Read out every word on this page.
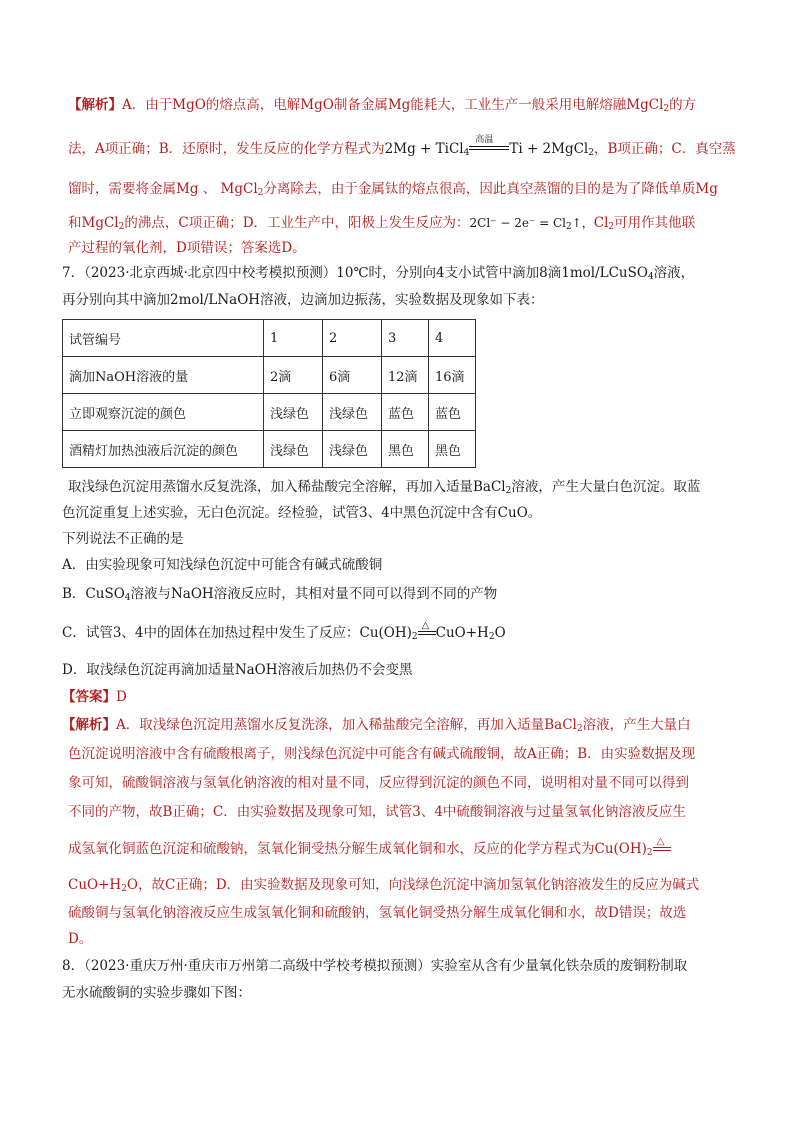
【解析】A．由于MgO的熔点高，电解MgO制备金属Mg能耗大，工业生产一般采用电解熔融MgCl$_2$的方
法，A项正确；B．还原时，发生反应的化学方程式为2Mg + TiCl$_4$
高温
Ti + 2MgCl$_2$，B项正确；C．真空蒸
馏时，需要将金属Mg 、 MgCl$_2$分离除去，由于金属钛的熔点很高，因此真空蒸馏的目的是为了降低单质Mg
和MgCl$_2$的沸点，C项正确；D．工业生产中，阳极上发生反应为：$2Cl^- - 2e^- = Cl_2↑$，$Cl_2$可用作其他联
产过程的氧化剂，D项错误；答案选D。
7．（2023·北京西城·北京四中校考模拟预测）10℃时，分别向4支小试管中滴加8滴1mol/LCuSO$_4$溶液，
再分别向其中滴加2mol/LNaOH溶液，边滴加边振荡，实验数据及现象如下表：
试管编号	1	2	3	4
滴加NaOH溶液的量	2滴	6滴	12滴	16滴
立即观察沉淀的颜色	浅绿色	浅绿色	蓝色	蓝色
酒精灯加热浊液后沉淀的颜色	浅绿色	浅绿色	黑色	黑色
取浅绿色沉淀用蒸馏水反复洗涤，加入稀盐酸完全溶解，再加入适量BaCl$_2$溶液，产生大量白色沉淀。取蓝
色沉淀重复上述实验，无白色沉淀。经检验，试管3、4中黑色沉淀中含有CuO。
下列说法不正确的是
A．由实验现象可知浅绿色沉淀中可能含有碱式硫酸铜
B．CuSO$_4$溶液与NaOH溶液反应时，其相对量不同可以得到不同的产物
C．试管3、4中的固体在加热过程中发生了反应：$Cu(OH)_2$
△ $CuO+H_2O$
D．取浅绿色沉淀再滴加适量NaOH溶液后加热仍不会变黑
【答案】D
【解析】A．取浅绿色沉淀用蒸馏水反复洗涤，加入稀盐酸完全溶解，再加入适量BaCl$_2$溶液，产生大量白
色沉淀说明溶液中含有硫酸根离子，则浅绿色沉淀中可能含有碱式硫酸铜，故A正确；B．由实验数据及现
象可知，硫酸铜溶液与氢氧化钠溶液的相对量不同，反应得到沉淀的颜色不同，说明相对量不同可以得到
不同的产物，故B正确；C．由实验数据及现象可知，试管3、4中硫酸铜溶液与过量氢氧化钠溶液反应生
成氢氧化铜蓝色沉淀和硫酸钠，氢氧化铜受热分解生成氧化铜和水，反应的化学方程式为$Cu(OH)_2$
△
$CuO+H_2O$，故C正确；D．由实验数据及现象可知，向浅绿色沉淀中滴加氢氧化钠溶液发生的反应为碱式
硫酸铜与氢氧化钠溶液反应生成氢氧化铜和硫酸钠，氢氧化铜受热分解生成氧化铜和水，故D错误；故选
D。
8．（2023·重庆万州·重庆市万州第二高级中学校考模拟预测）实验室从含有少量氧化铁杂质的废铜粉制取
无水硫酸铜的实验步骤如下图：
